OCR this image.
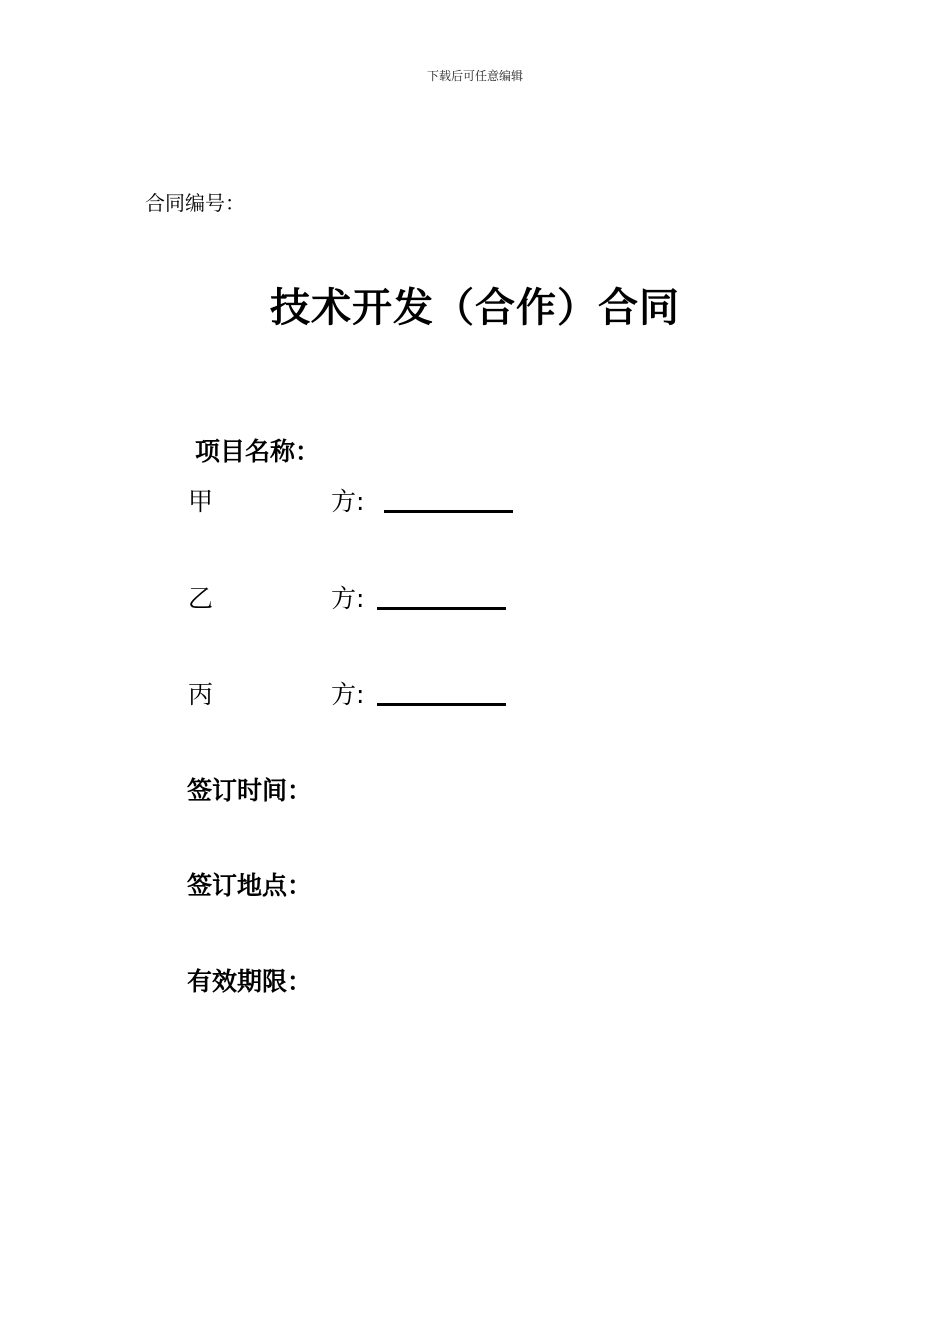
下载后可任意编辑
合同编号：
技术开发（合作）合同
项目名称：
甲	方:
乙	方:
丙	方:
签订时间：
签订地点：
有效期限：
